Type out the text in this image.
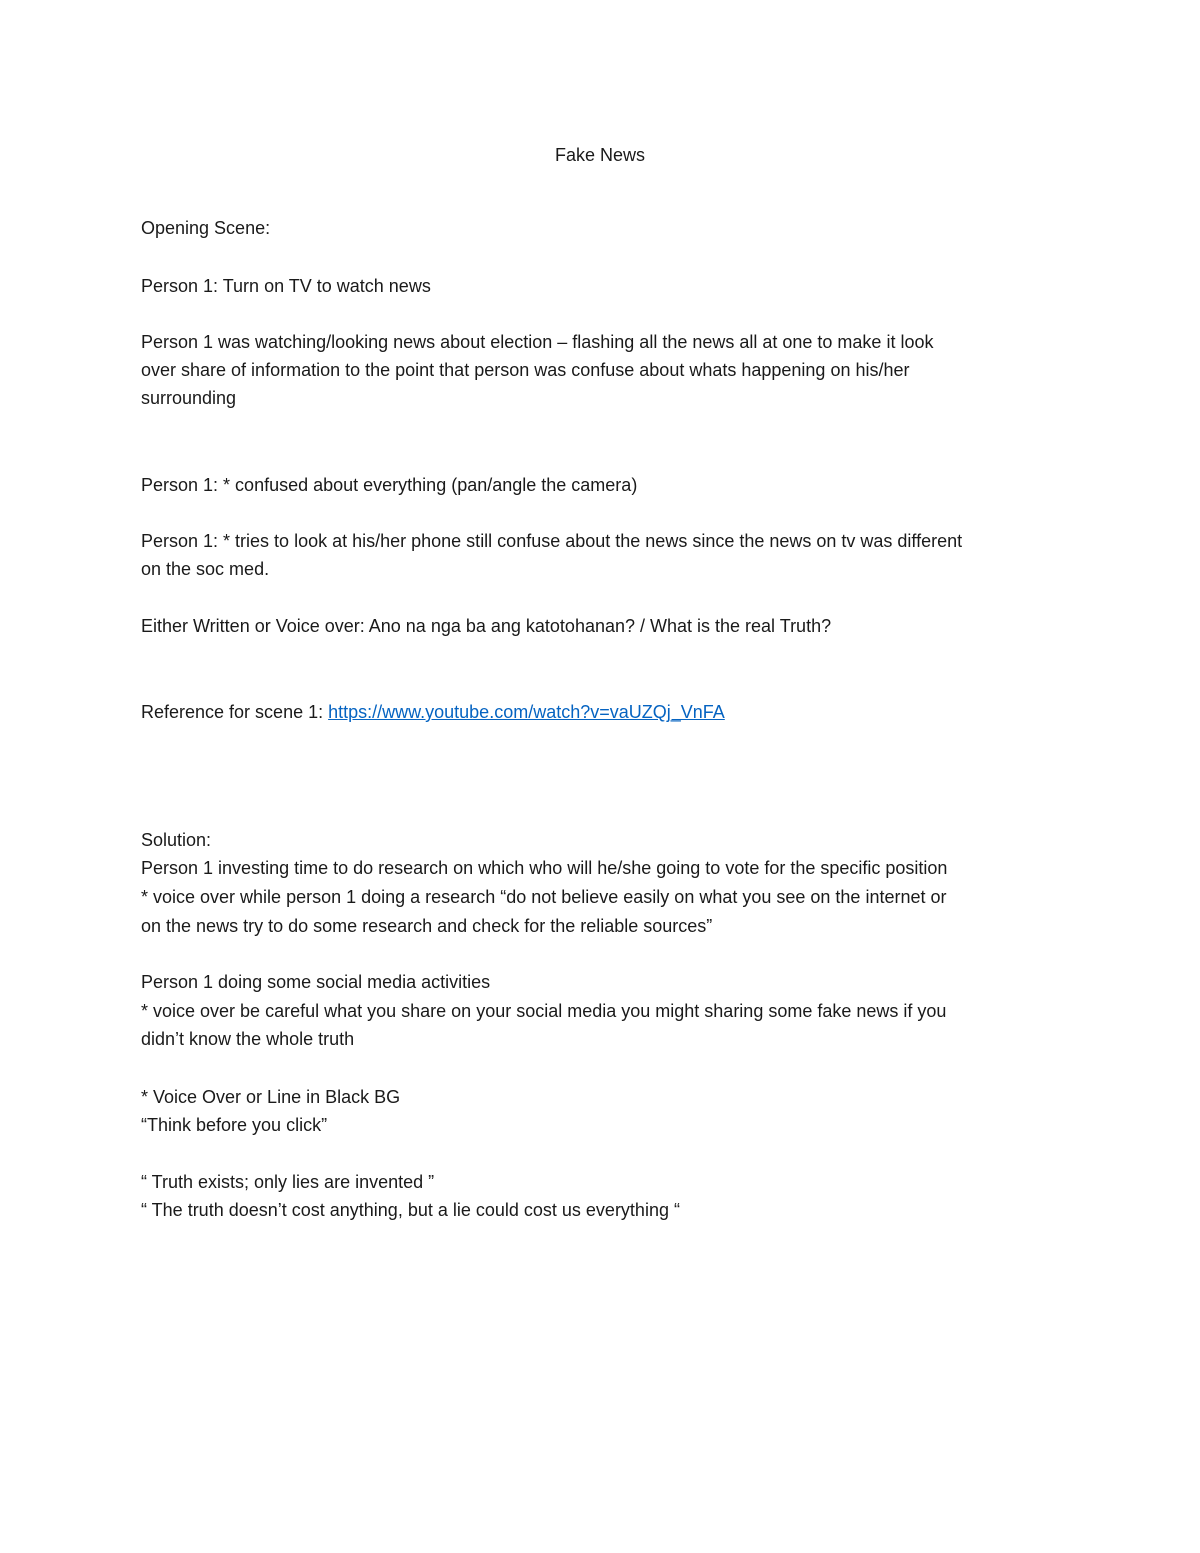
Fake News
Opening Scene:
Person 1: Turn on TV to watch news
Person 1 was watching/looking news about election – flashing all the news all at one to make it look
over share of information to the point that person was confuse about whats happening on his/her
surrounding
Person 1: * confused about everything (pan/angle the camera)
Person 1: * tries to look at his/her phone still confuse about the news since the news on tv was different
on the soc med.
Either Written or Voice over: Ano na nga ba ang katotohanan? / What is the real Truth?
Reference for scene 1: https://www.youtube.com/watch?v=vaUZQj_VnFA
Solution:
Person 1 investing time to do research on which who will he/she going to vote for the specific position
* voice over while person 1 doing a research “do not believe easily on what you see on the internet or
on the news try to do some research and check for the reliable sources”
Person 1 doing some social media activities
* voice over be careful what you share on your social media you might sharing some fake news if you
didn’t know the whole truth
* Voice Over or Line in Black BG
“Think before you click”
“ Truth exists; only lies are invented ”
“ The truth doesn’t cost anything, but a lie could cost us everything “
